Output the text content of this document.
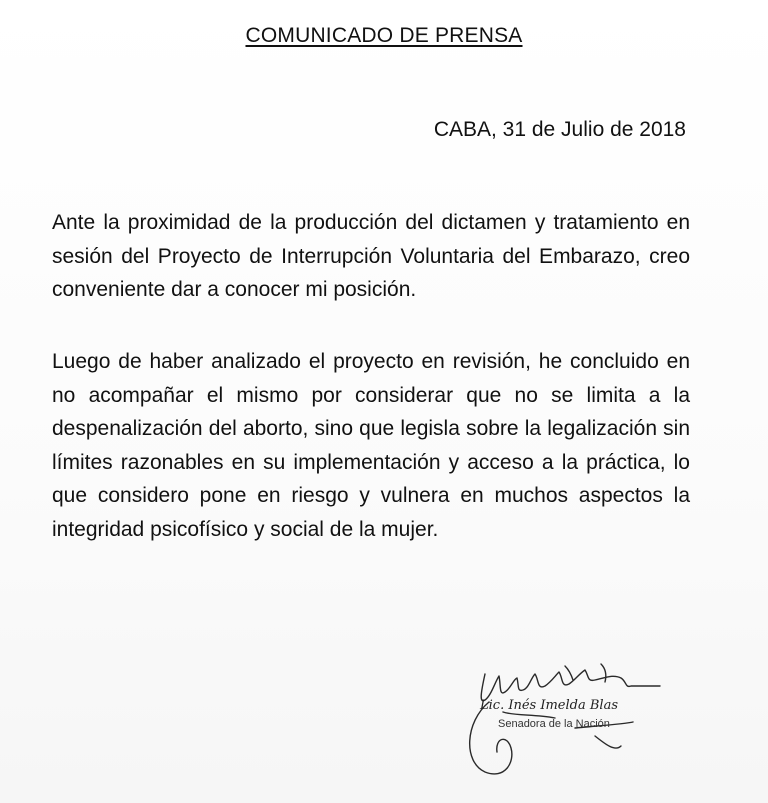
COMUNICADO DE PRENSA
CABA, 31 de Julio de 2018

Ante la proximidad de la producción del dictamen y tratamiento en sesión del Proyecto de Interrupción Voluntaria del Embarazo, creo conveniente dar a conocer mi posición.

Luego de haber analizado el proyecto en revisión, he concluido en no acompañar el mismo por considerar que no se limita a la despenalización del aborto, sino que legisla sobre la legalización sin límites razonables en su implementación y acceso a la práctica, lo que considero pone en riesgo y vulnera en muchos aspectos la integridad psicofísico y social de la mujer.

Lic. Inés Imelda Blas
Senadora de la Nación
